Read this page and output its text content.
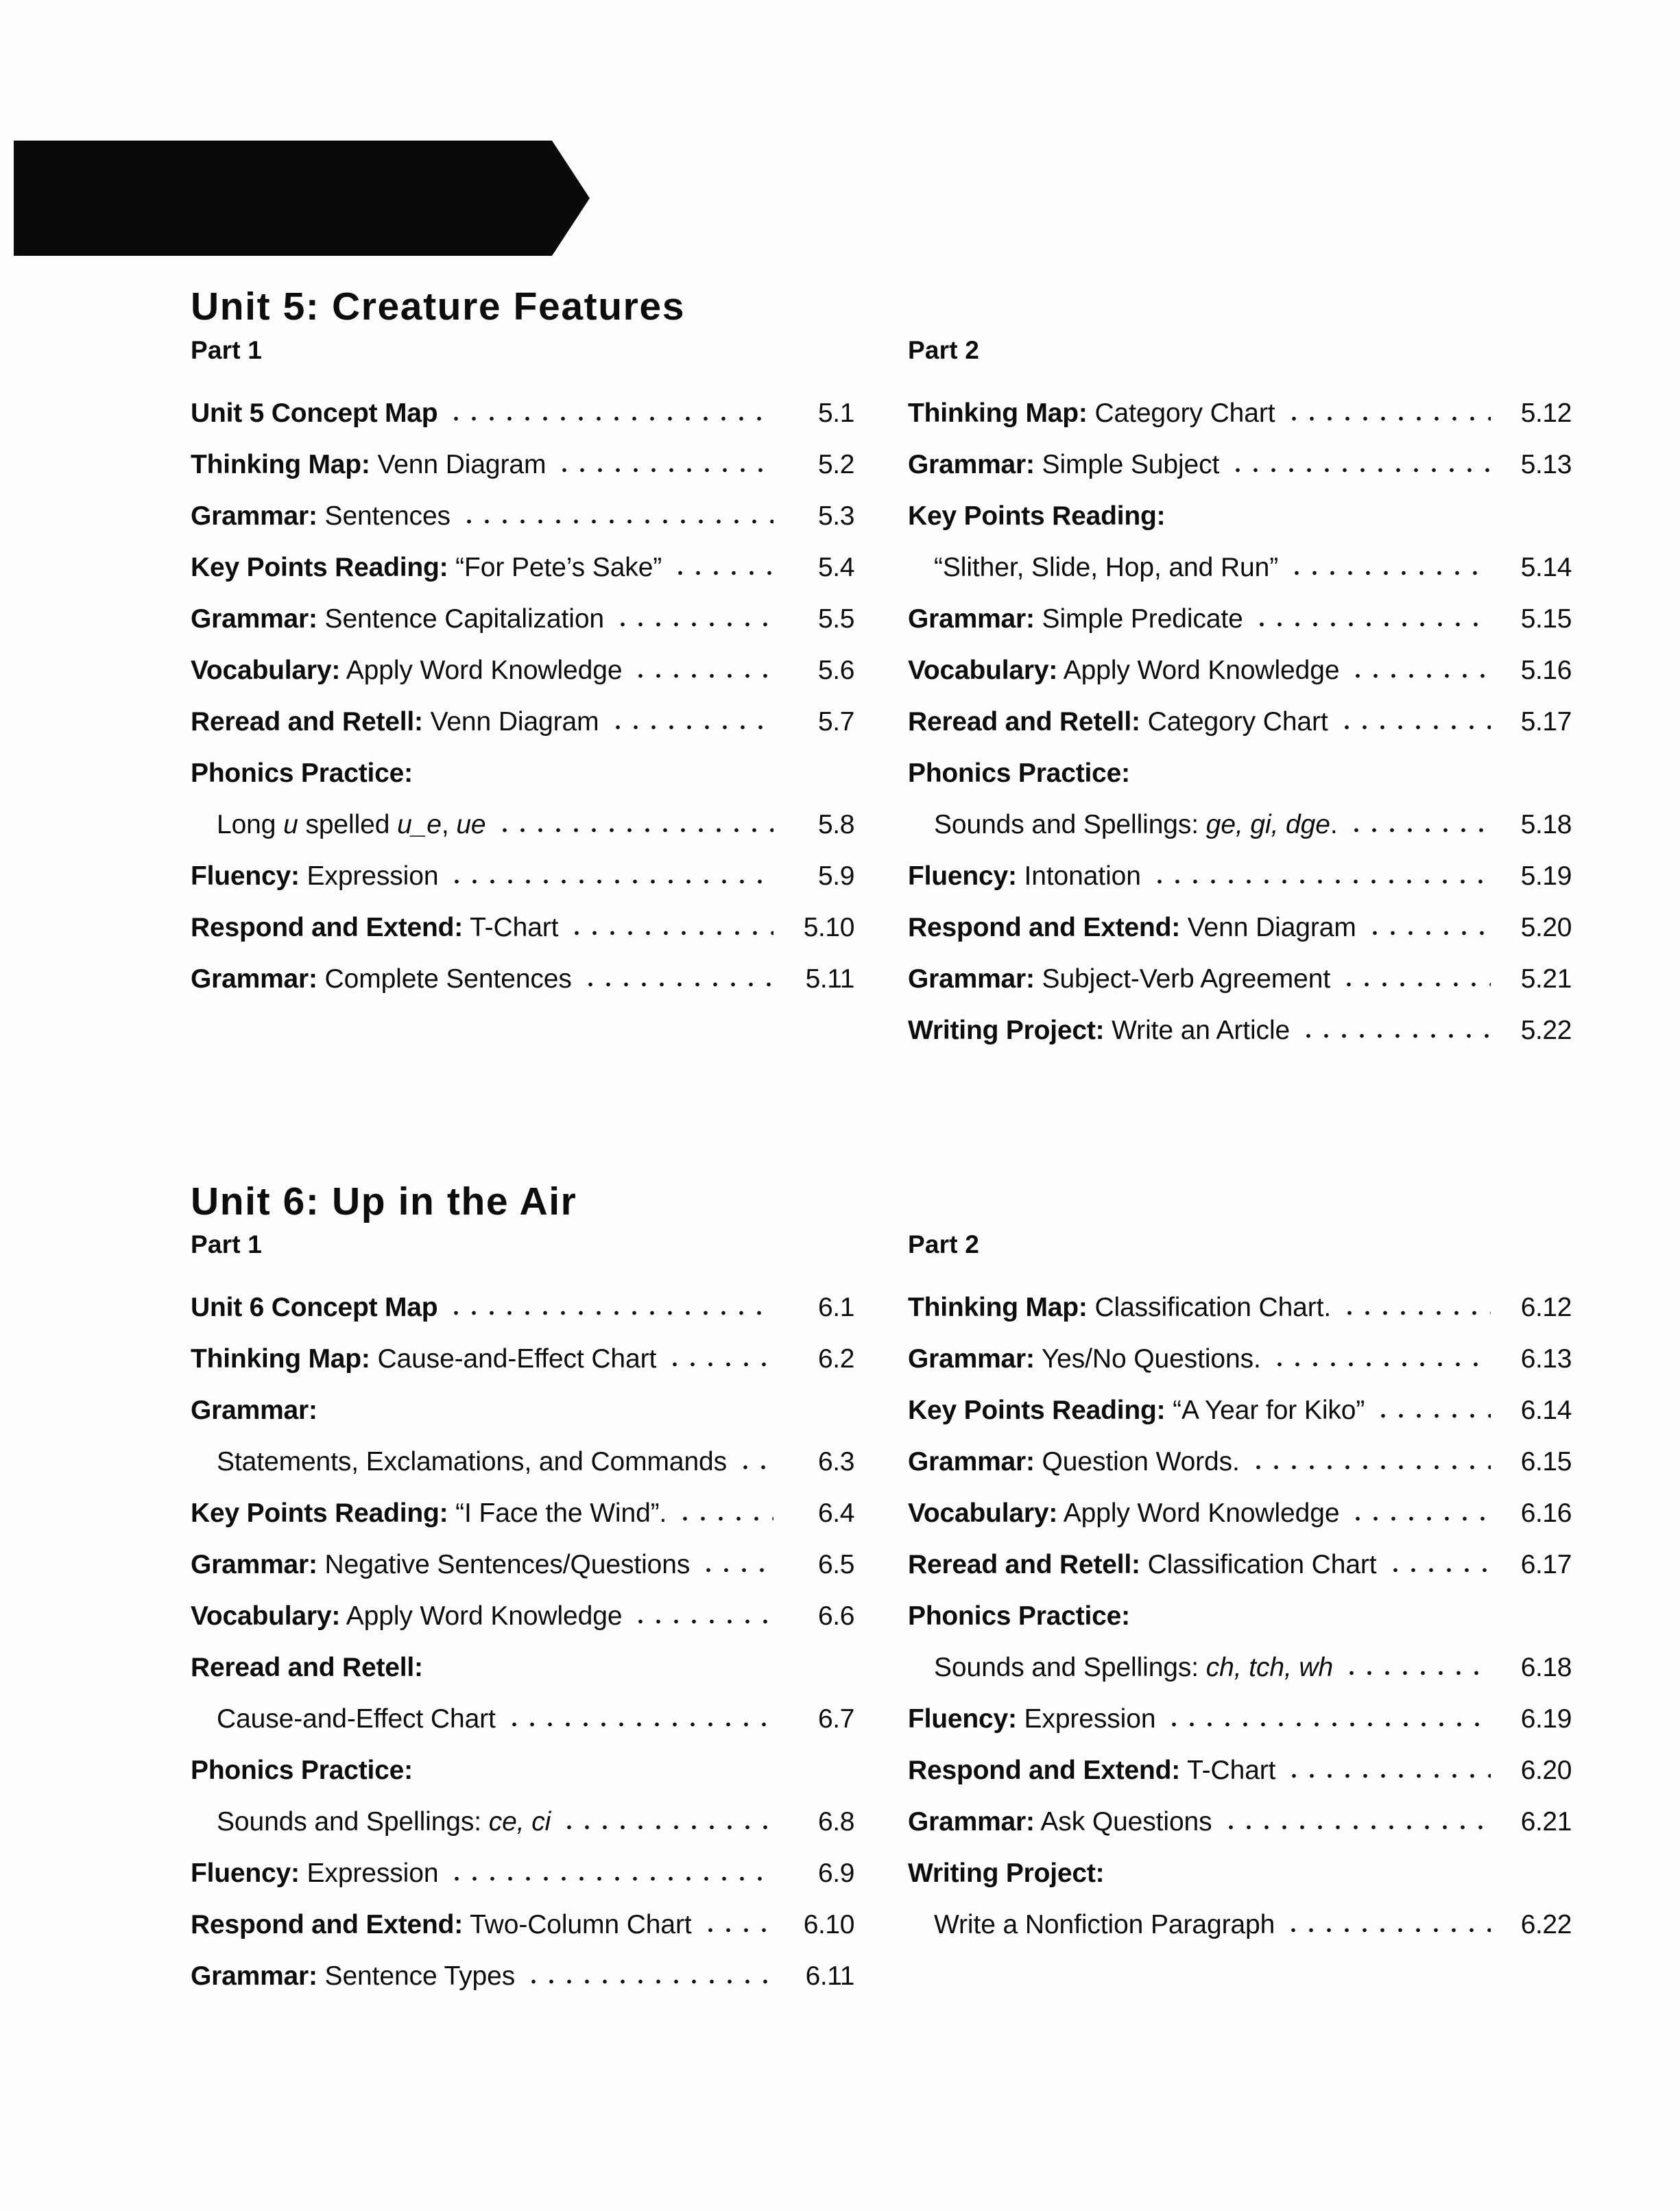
Unit 5: Creature Features
Part 1
Unit 5 Concept Map	5.1
Thinking Map: Venn Diagram	5.2
Grammar: Sentences	5.3
Key Points Reading: “For Pete’s Sake”	5.4
Grammar: Sentence Capitalization	5.5
Vocabulary: Apply Word Knowledge	5.6
Reread and Retell: Venn Diagram	5.7
Phonics Practice:
Long u spelled u_e, ue	5.8
Fluency: Expression	5.9
Respond and Extend: T-Chart	5.10
Grammar: Complete Sentences	5.11
Part 2
Thinking Map: Category Chart	5.12
Grammar: Simple Subject	5.13
Key Points Reading:
“Slither, Slide, Hop, and Run”	5.14
Grammar: Simple Predicate	5.15
Vocabulary: Apply Word Knowledge	5.16
Reread and Retell: Category Chart	5.17
Phonics Practice:
Sounds and Spellings: ge, gi, dge.	5.18
Fluency: Intonation	5.19
Respond and Extend: Venn Diagram	5.20
Grammar: Subject-Verb Agreement	5.21
Writing Project: Write an Article	5.22
Unit 6: Up in the Air
Part 1
Unit 6 Concept Map	6.1
Thinking Map: Cause-and-Effect Chart	6.2
Grammar:
Statements, Exclamations, and Commands	6.3
Key Points Reading: “I Face the Wind”.	6.4
Grammar: Negative Sentences/Questions	6.5
Vocabulary: Apply Word Knowledge	6.6
Reread and Retell:
Cause-and-Effect Chart	6.7
Phonics Practice:
Sounds and Spellings: ce, ci	6.8
Fluency: Expression	6.9
Respond and Extend: Two-Column Chart	6.10
Grammar: Sentence Types	6.11
Part 2
Thinking Map: Classification Chart.	6.12
Grammar: Yes/No Questions.	6.13
Key Points Reading: “A Year for Kiko”	6.14
Grammar: Question Words.	6.15
Vocabulary: Apply Word Knowledge	6.16
Reread and Retell: Classification Chart	6.17
Phonics Practice:
Sounds and Spellings: ch, tch, wh	6.18
Fluency: Expression	6.19
Respond and Extend: T-Chart	6.20
Grammar: Ask Questions	6.21
Writing Project:
Write a Nonfiction Paragraph	6.22
